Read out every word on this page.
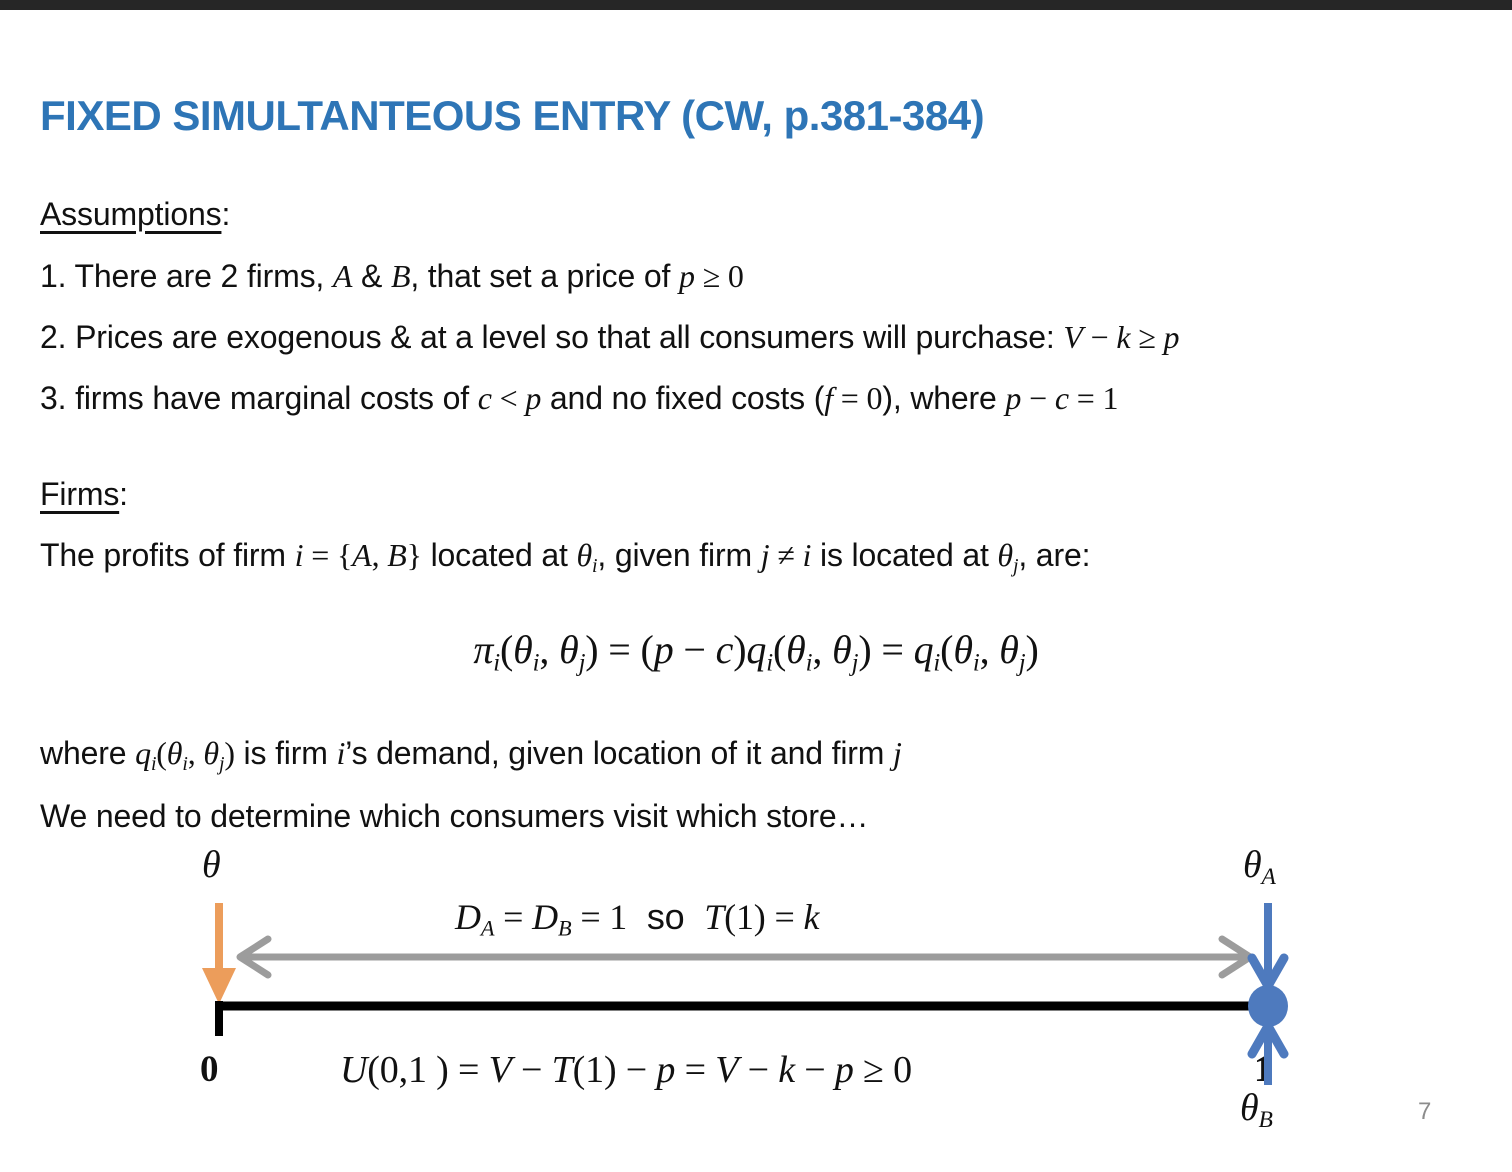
FIXED SIMULTANTEOUS ENTRY (CW, p.381-384)
Assumptions:
1. There are 2 firms, A & B, that set a price of p ≥ 0
2. Prices are exogenous & at a level so that all consumers will purchase: V − k ≥ p
3. firms have marginal costs of c < p and no fixed costs (f = 0), where p − c = 1
Firms:
The profits of firm i = {A, B} located at $\theta_i$, given firm j ≠ i is located at $\theta_j$, are:
$\pi_i(\theta_i$, $\theta_j) = (p - c)q_i(\theta_i$, $\theta_j) = q_i(\theta_i$, $\theta_j$)
where $q_i(\theta_i$, $\theta_j$) is firm i’s demand, given location of it and firm j
We need to determine which consumers visit which store…
θ	$\theta_A$
$\theta_B$
0	1
$D_A = D_B = 1$  so  T(1) = k
U(0,1 ) = V − T(1) − p = V − k − p ≥ 0
7
